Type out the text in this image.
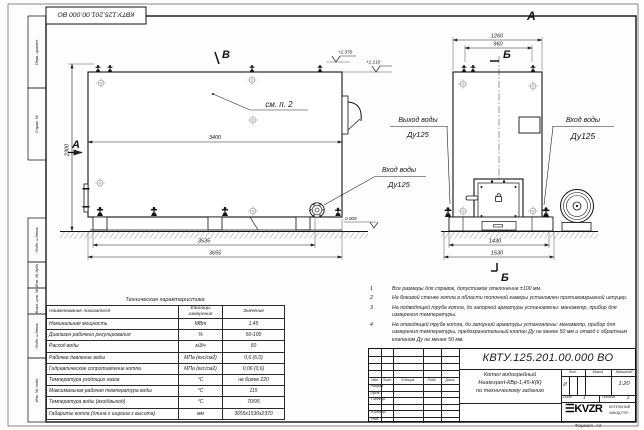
Перв. примен.
Справ. №
Подп. и дата
Инв. № дубл.
Взам. инв. №
Подп. и дата
Инв. № подл.
КВТУ.125.201.00.000 ВО
В
3400
2300 А
см. п. 2
+2.370
+2.210
0.000
3535
3655
А
Б
1260
960
1430
1530
Б
Выход воды
Ду125
Вход воды
Ду125
Вход воды
Ду125
Техническая характеристика
Наименование показателя	Единицы измерения	Значение
Номинальная мощность	МВт	1,45
Диапазон рабочего регулирования	%	50-100
Расход воды	м3/ч	50
Рабочее давление воды	МПа (кгс/см2)	0,6 (6,0)
Гидравлическое сопротивление котла	МПа (кгс/см2)	0,06 (0,6)
Температура уходящих газов	°С	не более 220
Максимальная рабочая температура воды	°С	115
Температура воды (вход/выход)	°С	70/95
Габариты котла (длина х ширина х высота)	мм	3655х1530х2370
1	Все размеры для справок, допустимое отклонение ±100 мм.
2	На боковой стенке котла в области топочной камеры установлен противовзрывной штуцер.
3	На подводящей трубе котла, до запорной арматуры установлены: манометр, прибор для измерения температуры.
4	На отводящей трубе котла, до запорной арматуры установлены: манометр, прибор для измерения температуры, предохранительный клапан Ду не менее 50 мм и отвод с обратным клапаном Ду не менее 50 мм.
Изм.	Лист	N докум.	Подп.	Дата
Разраб.
Пров.
Т.контр.
Н.контр.
Утв.
КВТУ.125.201.00.000 ВО
Котел водогрейный
Heatexpert-КВр-1,45-К(К)
по техническому заданию
Лит.	Масса	Масштаб
И	1:20
Лист	1	Листов	2
☰KVZR КОТЕЛЬНЫЙ
ЗАВОД РЭП
Формат А3
